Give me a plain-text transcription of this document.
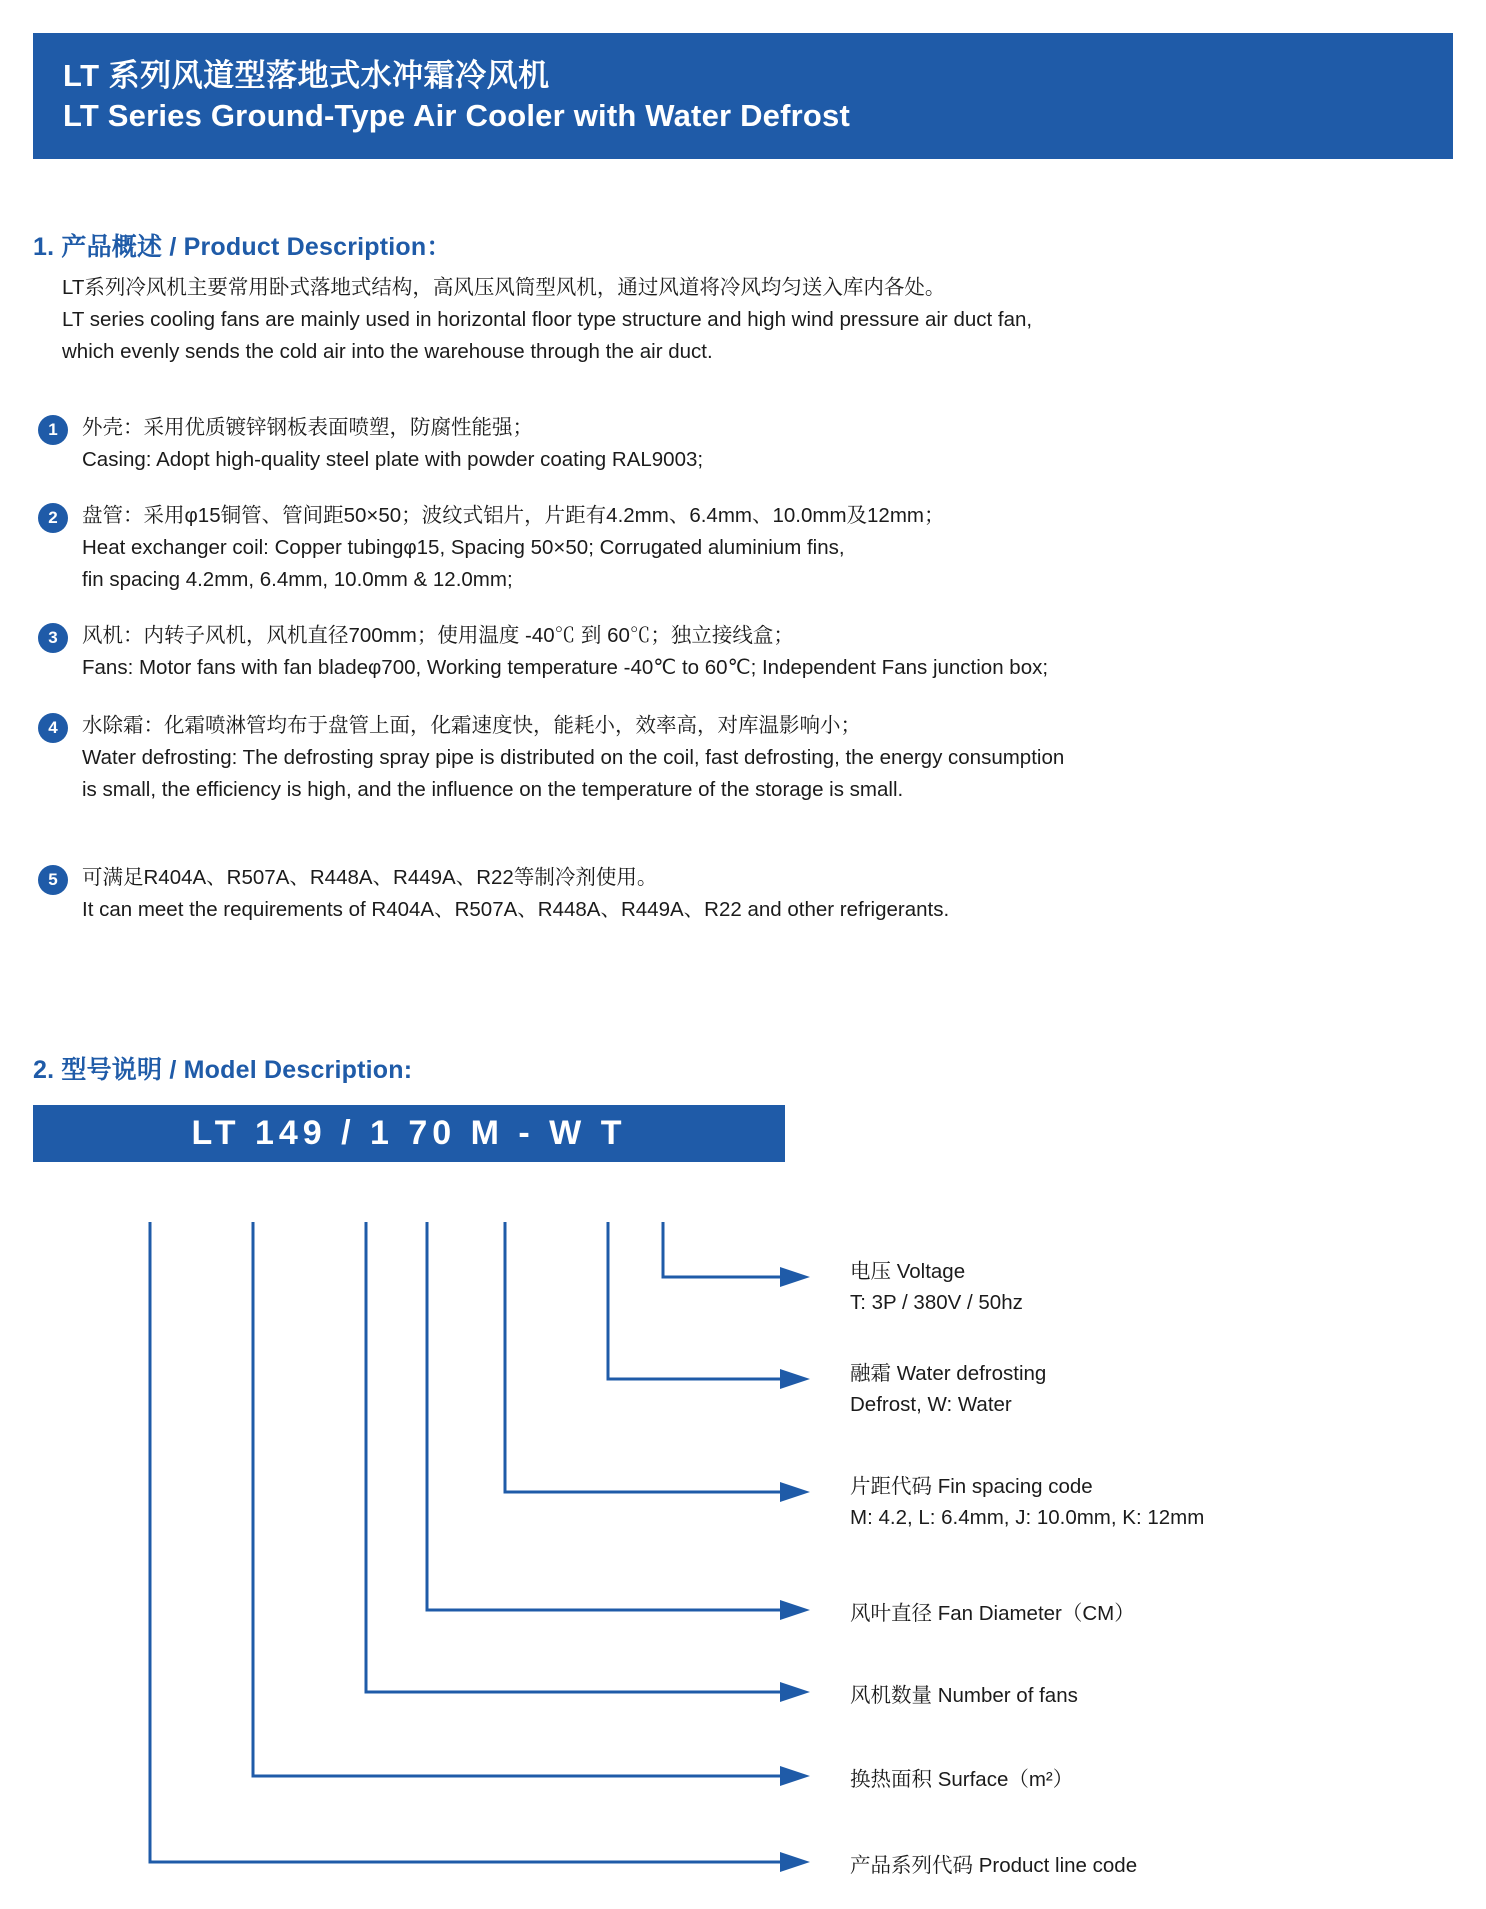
LT 系列风道型落地式水冲霜冷风机
LT Series Ground-Type Air Cooler with Water Defrost
1. 产品概述 / Product Description：
LT系列冷风机主要常用卧式落地式结构，高风压风筒型风机，通过风道将冷风均匀送入库内各处。
LT series cooling fans are mainly used in horizontal floor type structure and high wind pressure air duct fan,
which evenly sends the cold air into the warehouse through the air duct.
1	外壳：采用优质镀锌钢板表面喷塑，防腐性能强；
Casing: Adopt high-quality steel plate with powder coating RAL9003;
2	盘管：采用φ15铜管、管间距50×50；波纹式铝片，片距有4.2mm、6.4mm、10.0mm及12mm；
Heat exchanger coil: Copper tubingφ15, Spacing 50×50; Corrugated aluminium fins,
fin spacing 4.2mm, 6.4mm, 10.0mm & 12.0mm;
3	风机：内转子风机，风机直径700mm；使用温度 -40℃ 到 60℃；独立接线盒；
Fans: Motor fans with fan bladeφ700, Working temperature -40℃ to 60℃; Independent Fans junction box;
4	水除霜：化霜喷淋管均布于盘管上面，化霜速度快，能耗小，效率高，对库温影响小；
Water defrosting: The defrosting spray pipe is distributed on the coil, fast defrosting, the energy consumption
is small, the efficiency is high, and the influence on the temperature of the storage is small.
5	可满足R404A、R507A、R448A、R449A、R22等制冷剂使用。
It can meet the requirements of R404A、R507A、R448A、R449A、R22 and other refrigerants.
2. 型号说明 / Model Description:
LT 149 / 1 70 M - W T
电压 Voltage
T: 3P / 380V / 50hz
融霜 Water defrosting
Defrost, W: Water
片距代码 Fin spacing code
M: 4.2, L: 6.4mm, J: 10.0mm, K: 12mm
风叶直径 Fan Diameter（CM）
风机数量 Number of fans
换热面积 Surface（m²）
产品系列代码 Product line code
